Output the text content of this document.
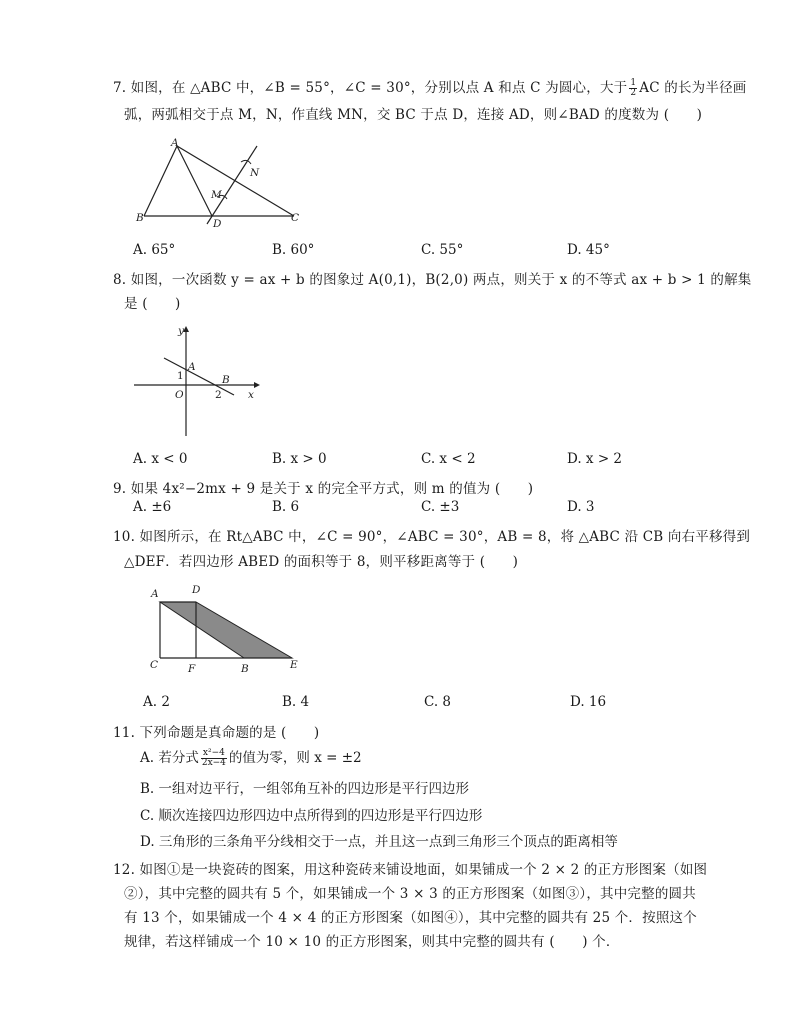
7. 如图，在 △ABC 中，∠B = 55°，∠C = 30°，分别以点 A 和点 C 为圆心，大于 $\frac{1}{2}$ AC 的长为半径画
弧，两弧相交于点 M，N，作直线 MN，交 BC 于点 D，连接 AD，则∠BAD 的度数为 (　　)
A
B	C
D
M
N
A. 65°	B. 60°	C. 55°	D. 45°
8. 如图，一次函数 y = ax + b 的图象过 A(0,1)，B(2,0) 两点，则关于 x 的不等式 ax + b > 1 的解集
是 (　　)
y
x
O
A
B
1
2
A. x < 0	B. x > 0	C. x < 2	D. x > 2
9. 如果 4x²−2mx + 9 是关于 x 的完全平方式，则 m 的值为 (　　)
A. ±6	B. 6	C. ±3	D. 3
10. 如图所示，在 Rt△ABC 中，∠C = 90°，∠ABC = 30°，AB = 8，将 △ABC 沿 CB 向右平移得到
△DEF．若四边形 ABED 的面积等于 8，则平移距离等于 (　　)
A	D
C	F	B	E
A. 2	B. 4	C. 8	D. 16
11. 下列命题是真命题的是 (　　)
A. 若分式 $\frac{\text{x²−4}}{2x-4}$ 的值为零，则 x = ±2
B. 一组对边平行，一组邻角互补的四边形是平行四边形
C. 顺次连接四边形四边中点所得到的四边形是平行四边形
D. 三角形的三条角平分线相交于一点，并且这一点到三角形三个顶点的距离相等
12. 如图①是一块瓷砖的图案，用这种瓷砖来铺设地面，如果铺成一个 2 × 2 的正方形图案（如图
②），其中完整的圆共有 5 个，如果铺成一个 3 × 3 的正方形图案（如图③），其中完整的圆共
有 13 个，如果铺成一个 4 × 4 的正方形图案（如图④），其中完整的圆共有 25 个．按照这个
规律，若这样铺成一个 10 × 10 的正方形图案，则其中完整的圆共有 (　　) 个．
